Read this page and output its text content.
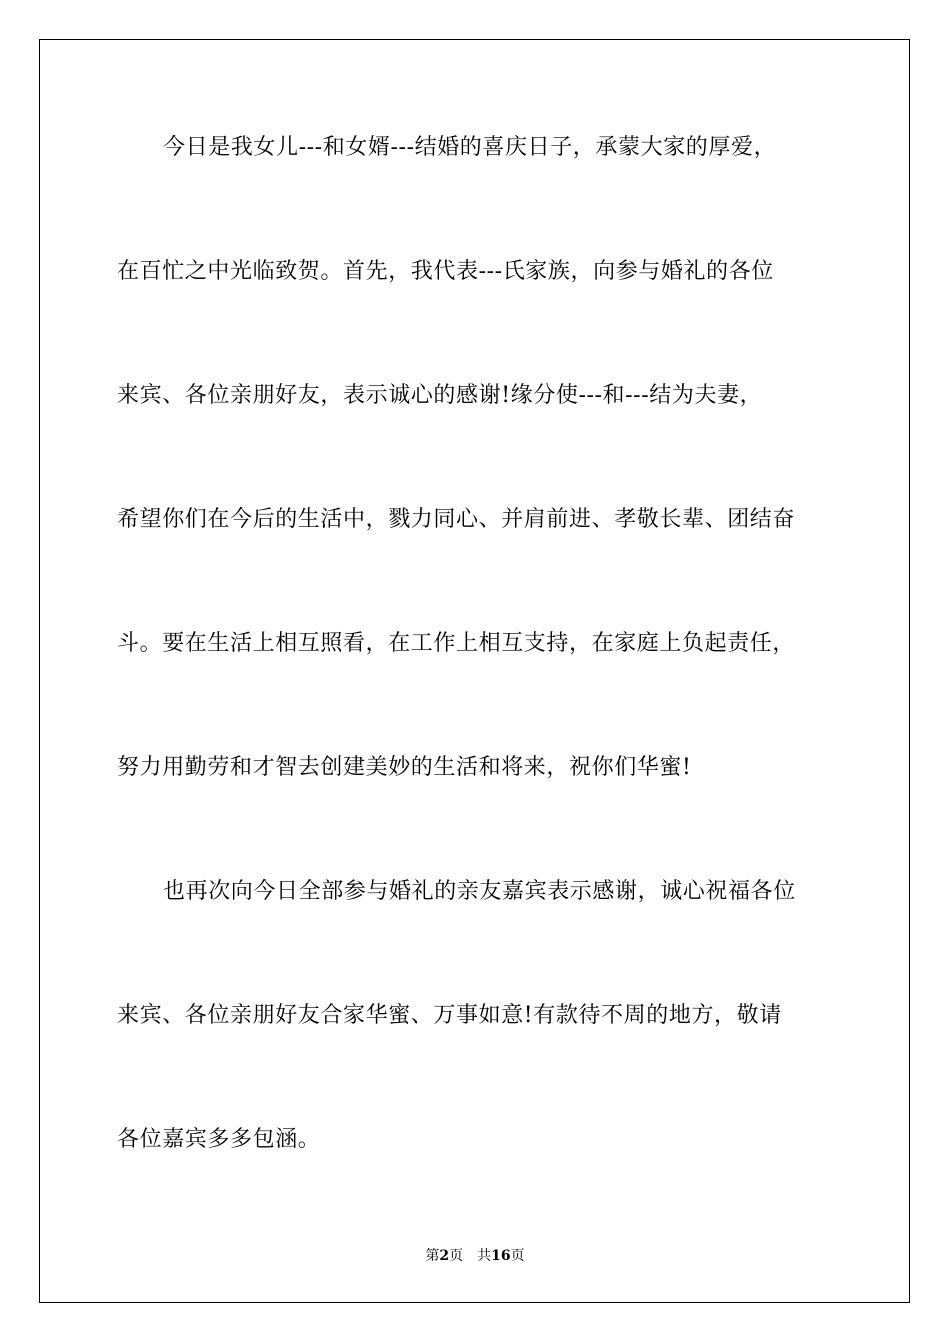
今日是我女儿---和女婿---结婚的喜庆日子，承蒙大家的厚爱，
在百忙之中光临致贺。首先，我代表---氏家族，向参与婚礼的各位
来宾、各位亲朋好友，表示诚心的感谢!缘分使---和---结为夫妻，
希望你们在今后的生活中，戮力同心、并肩前进、孝敬长辈、团结奋
斗。要在生活上相互照看，在工作上相互支持，在家庭上负起责任，
努力用勤劳和才智去创建美妙的生活和将来，祝你们华蜜!
也再次向今日全部参与婚礼的亲友嘉宾表示感谢，诚心祝福各位
来宾、各位亲朋好友合家华蜜、万事如意!有款待不周的地方，敬请
各位嘉宾多多包涵。
第2页 共16页
